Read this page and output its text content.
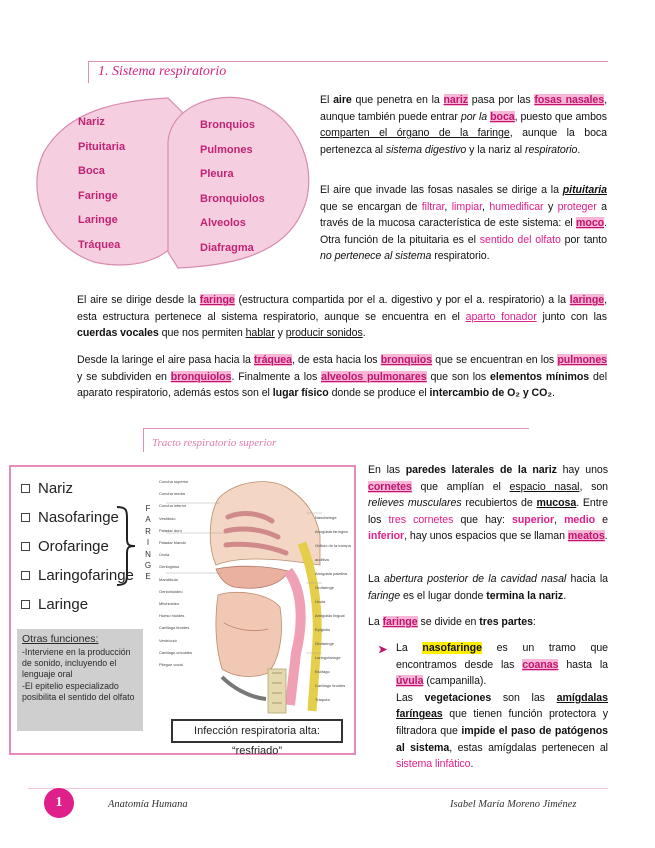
1. Sistema respiratorio
Nariz
Pituitaria
Boca
Faringe
Laringe
Tráquea
Bronquios
Pulmones
Pleura
Bronquiolos
Alveolos
Diafragma
El aire que penetra en la nariz pasa por las fosas nasales, aunque también puede entrar por la boca, puesto que ambos comparten el órgano de la faringe, aunque la boca pertenezca al sistema digestivo y la nariz al respiratorio.
El aire que invade las fosas nasales se dirige a la pituitaria que se encargan de filtrar, limpiar, humedificar y proteger a través de la mucosa característica de este sistema: el moco. Otra función de la pituitaria es el sentido del olfato por tanto no pertenece al sistema respiratorio.
El aire se dirige desde la faringe (estructura compartida por el a. digestivo y por el a. respiratorio) a la laringe, esta estructura pertenece al sistema respiratorio, aunque se encuentra en el aparto fonador junto con las cuerdas vocales que nos permiten hablar y producir sonidos.
Desde la laringe el aire pasa hacia la tráquea, de esta hacia los bronquios que se encuentran en los pulmones y se subdividen en bronquiolos. Finalmente a los alveolos pulmonares que son los elementos mínimos del aparato respiratorio, además estos son el lugar físico donde se produce el intercambio de O₂ y CO₂.
Tracto respiratorio superior
Nariz
Nasofaringe
Orofaringe
Laringofaringe
Laringe
F
A
R
I
N
G
E
Otras funciones:
-Interviene en la producción de sonido, incluyendo el lenguaje oral
-El epitelio especializado posibilita el sentido del olfato
Concha superior
Concha media
Concha inferior
Vestíbulo
Paladar duro
Paladar blando
Úvula
Geniogloso
Mandíbula
Geniohioideo
Milohioideo
Hueso hioides
Cartílago tiroides
Ventrículo
Cartílago cricoides
Pliegue vocal
Nasofaringe
Amígdala faríngea
Orificio de la trompa auditiva
Amígdala palatina
Orofaringe
Úvula
Amígdala lingual
Epiglotis
Orofaringe
Laringofaringe
Esófago
Cartílago tiroides
Tráquea
Infección respiratoria alta: “resfriado”
En las paredes laterales de la nariz hay unos cornetes que amplían el espacio nasal, son relieves musculares recubiertos de mucosa. Entre los tres cornetes que hay: superior, medio e inferior, hay unos espacios que se llaman meatos.
La abertura posterior de la cavidad nasal hacia la faringe es el lugar donde termina la nariz.
La faringe se divide en tres partes:
➤ La nasofaringe es un tramo que encontramos desde las coanas hasta la úvula (campanilla).
Las vegetaciones son las amígdalas faríngeas que tienen función protectora y filtradora que impide el paso de patógenos al sistema, estas amígdalas pertenecen al sistema linfático.
1	Anatomía Humana	Isabel María Moreno Jiménez
